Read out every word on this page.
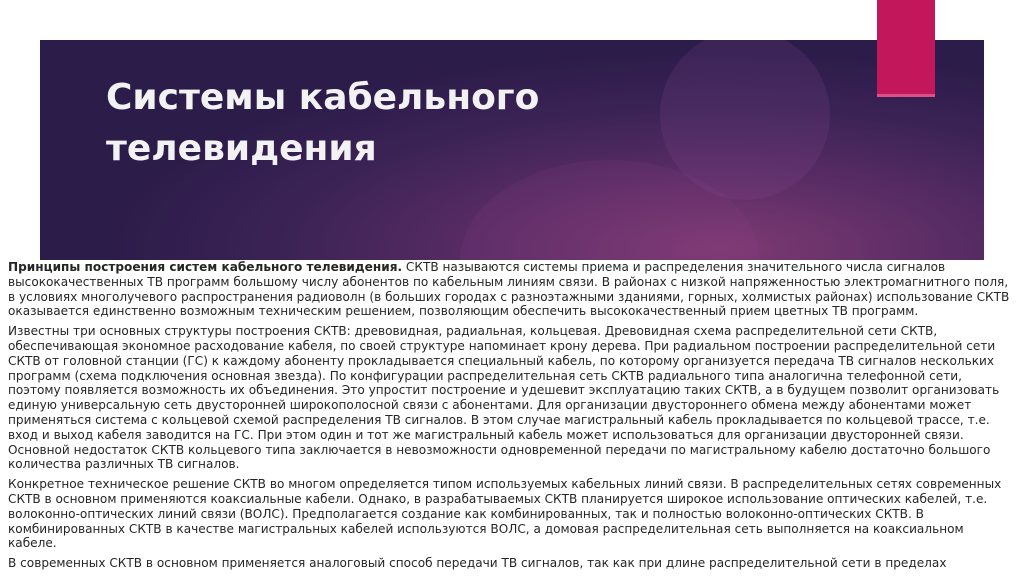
Системы кабельного телевидения

Принципы построения систем кабельного телевидения. СКТВ называются системы приема и распределения значительного числа сигналов высококачественных ТВ программ большому числу абонентов по кабельным линиям связи. В районах с низкой напряженностью электромагнитного поля, в условиях многолучевого распространения радиоволн (в больших городах с разноэтажными зданиями, горных, холмистых районах) использование СКТВ оказывается единственно возможным техническим решением, позволяющим обеспечить высококачественный прием цветных ТВ программ.

Известны три основных структуры построения СКТВ: древовидная, радиальная, кольцевая. Древовидная схема распределительной сети СКТВ, обеспечивающая экономное расходование кабеля, по своей структуре напоминает крону дерева. При радиальном построении распределительной сети СКТВ от головной станции (ГС) к каждому абоненту прокладывается специальный кабель, по которому организуется передача ТВ сигналов нескольких программ (схема подключения основная звезда). По конфигурации распределительная сеть СКТВ радиального типа аналогична телефонной сети, поэтому появляется возможность их объединения. Это упростит построение и удешевит эксплуатацию таких СКТВ, а в будущем позволит организовать единую универсальную сеть двусторонней широкополосной связи с абонентами. Для организации двустороннего обмена между абонентами может применяться система с кольцевой схемой распределения ТВ сигналов. В этом случае магистральный кабель прокладывается по кольцевой трассе, т.е. вход и выход кабеля заводится на ГС. При этом один и тот же магистральный кабель может использоваться для организации двусторонней связи. Основной недостаток СКТВ кольцевого типа заключается в невозможности одновременной передачи по магистральному кабелю достаточно большого количества различных ТВ сигналов.

Конкретное техническое решение СКТВ во многом определяется типом используемых кабельных линий связи. В распределительных сетях современных СКТВ в основном применяются коаксиальные кабели. Однако, в разрабатываемых СКТВ планируется широкое использование оптических кабелей, т.е. волоконно-оптических линий связи (ВОЛС). Предполагается создание как комбинированных, так и полностью волоконно-оптических СКТВ. В комбинированных СКТВ в качестве магистральных кабелей используются ВОЛС, а домовая распределительная сеть выполняется на коаксиальном кабеле.

В современных СКТВ в основном применяется аналоговый способ передачи ТВ сигналов, так как при длине распределительной сети в пределах
